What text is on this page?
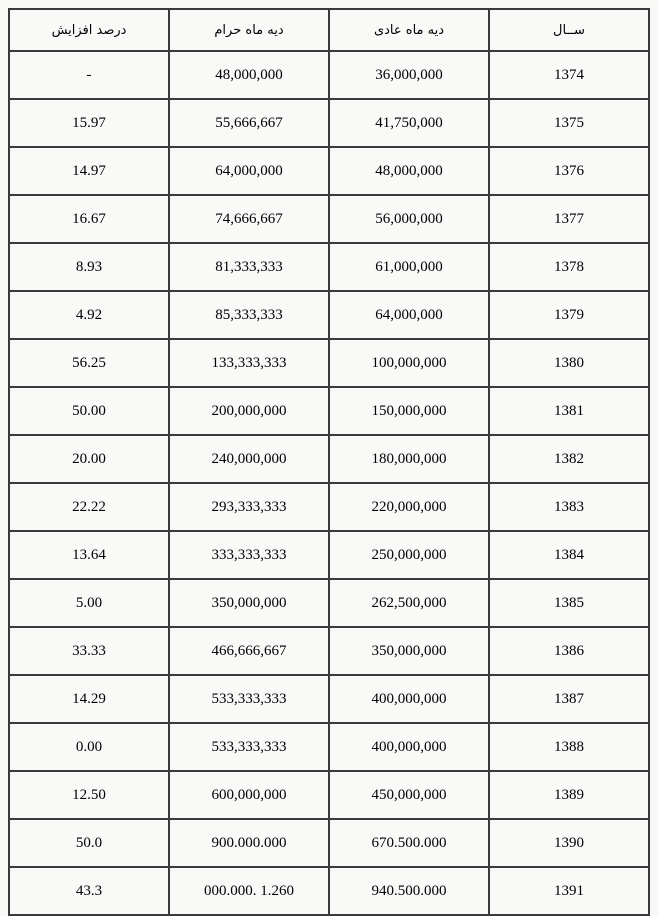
ســال	دیه ماه عادی	دیه ماه حرام	درصد افزایش
1374	36,000,000	48,000,000	-
1375	41,750,000	55,666,667	15.97
1376	48,000,000	64,000,000	14.97
1377	56,000,000	74,666,667	16.67
1378	61,000,000	81,333,333	8.93
1379	64,000,000	85,333,333	4.92
1380	100,000,000	133,333,333	56.25
1381	150,000,000	200,000,000	50.00
1382	180,000,000	240,000,000	20.00
1383	220,000,000	293,333,333	22.22
1384	250,000,000	333,333,333	13.64
1385	262,500,000	350,000,000	5.00
1386	350,000,000	466,666,667	33.33
1387	400,000,000	533,333,333	14.29
1388	400,000,000	533,333,333	0.00
1389	450,000,000	600,000,000	12.50
1390	670.500.000	900.000.000	50.0
1391	940.500.000	1.260 .000.000	43.3
